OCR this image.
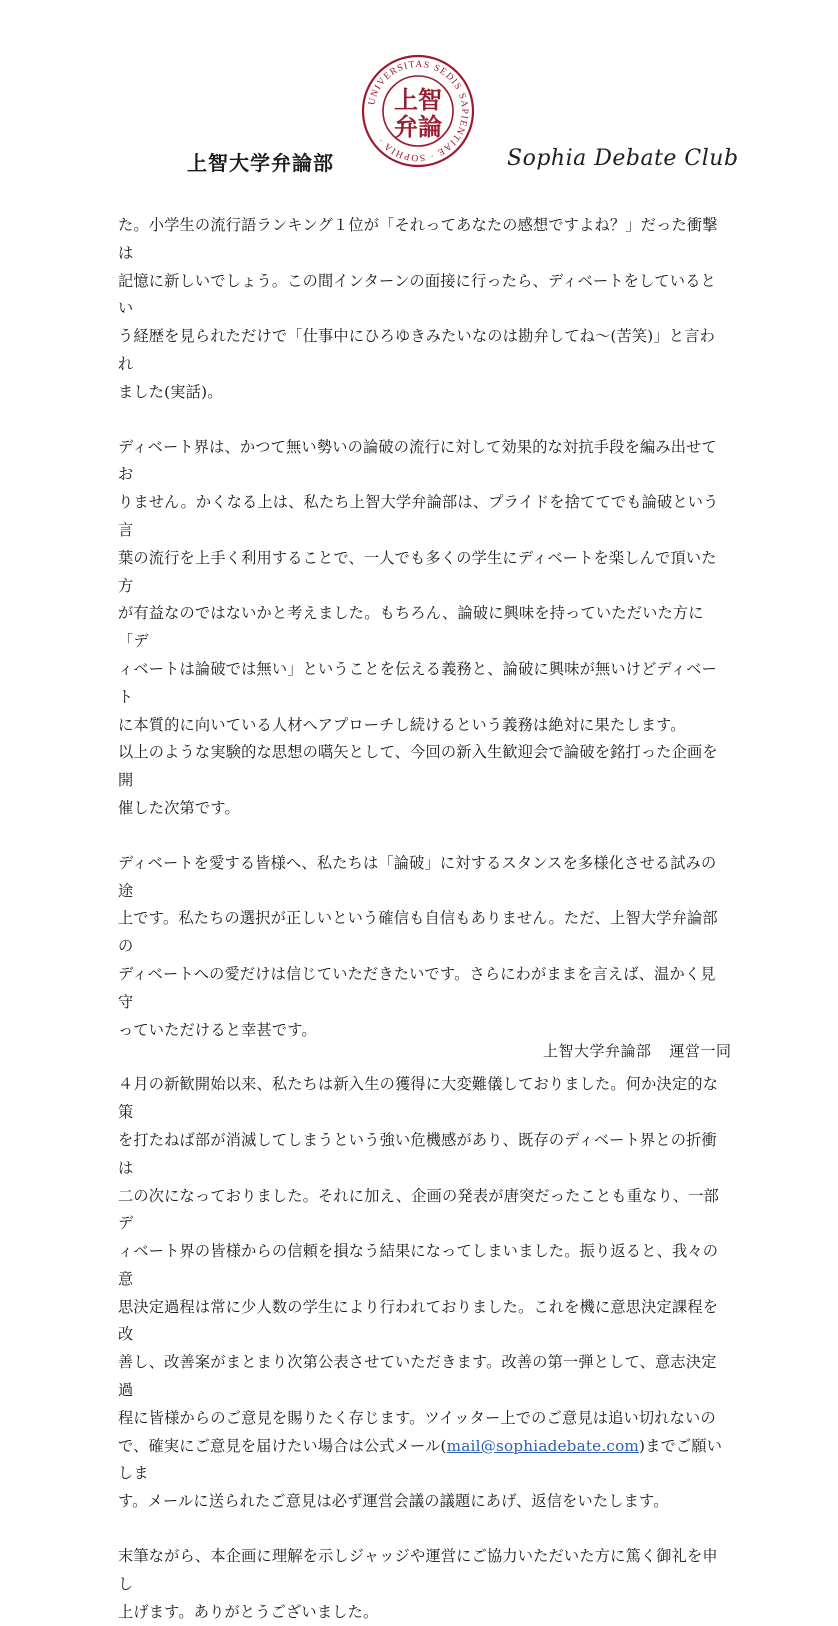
上智大学弁論部
UNIVERSITAS SEDIS SAPIENTIAE · SOPHIA ·
上智
弁論
Sophia Debate Club
た。小学生の流行語ランキング１位が「それってあなたの感想ですよね？」だった衝撃は
記憶に新しいでしょう。この間インターンの面接に行ったら、ディベートをしているとい
う経歴を見られただけで「仕事中にひろゆきみたいなのは勘弁してね〜(苦笑)」と言われ
ました(実話)。
ディベート界は、かつて無い勢いの論破の流行に対して効果的な対抗手段を編み出せてお
りません。かくなる上は、私たち上智大学弁論部は、プライドを捨ててでも論破という言
葉の流行を上手く利用することで、一人でも多くの学生にディベートを楽しんで頂いた方
が有益なのではないかと考えました。もちろん、論破に興味を持っていただいた方に「デ
ィベートは論破では無い」ということを伝える義務と、論破に興味が無いけどディベート
に本質的に向いている人材へアプローチし続けるという義務は絶対に果たします。
以上のような実験的な思想の嚆矢として、今回の新入生歓迎会で論破を銘打った企画を開
催した次第です。
ディベートを愛する皆様へ、私たちは「論破」に対するスタンスを多様化させる試みの途
上です。私たちの選択が正しいという確信も自信もありません。ただ、上智大学弁論部の
ディベートへの愛だけは信じていただきたいです。さらにわがままを言えば、温かく見守
っていただけると幸甚です。
４月の新歓開始以来、私たちは新入生の獲得に大変難儀しておりました。何か決定的な策
を打たねば部が消滅してしまうという強い危機感があり、既存のディベート界との折衝は
二の次になっておりました。それに加え、企画の発表が唐突だったことも重なり、一部デ
ィベート界の皆様からの信頼を損なう結果になってしまいました。振り返ると、我々の意
思決定過程は常に少人数の学生により行われておりました。これを機に意思決定課程を改
善し、改善案がまとまり次第公表させていただきます。改善の第一弾として、意志決定過
程に皆様からのご意見を賜りたく存じます。ツイッター上でのご意見は追い切れないの
で、確実にご意見を届けたい場合は公式メール(mail@sophiadebate.com)までご願いしま
す。メールに送られたご意見は必ず運営会議の議題にあげ、返信をいたします。
末筆ながら、本企画に理解を示しジャッジや運営にご協力いただいた方に篤く御礼を申し
上げます。ありがとうございました。
上智大学弁論部 運営一同
